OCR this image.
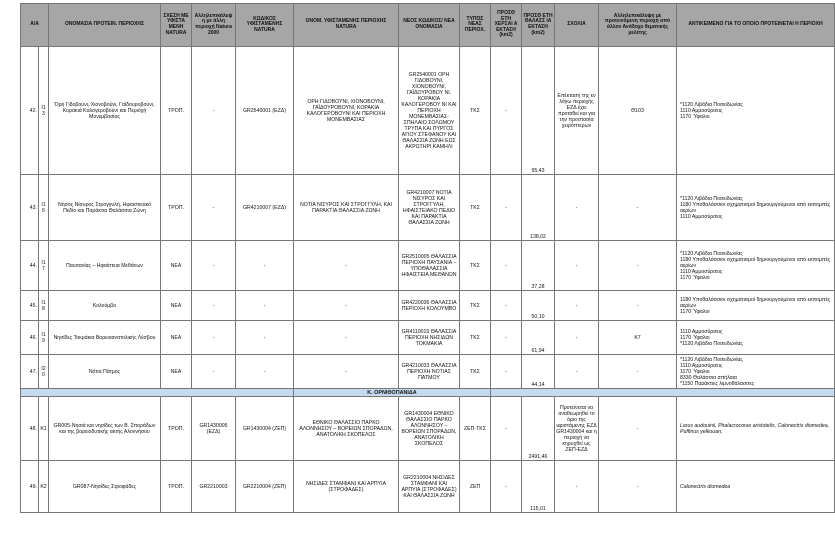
Α/Α		ΟΝΟΜΑΣΙΑ ΠΡΟΤΕΙΝ. ΠΕΡΙΟΧΗΣ	ΣΧΕΣΗ ΜΕ ΥΦΙΣΤΑ ΜΕΝΗ NATURA	Αλληλεπικάλυψ η με άλλη περιοχή Natura 2000	ΚΩΔΙΚΟΣ ΥΦΙΣΤΑΜΕΝΗΣ NATURA	ΟΝΟΜ. ΥΦΙΣΤΑΜΕΝΗΣ ΠΕΡΙΟΧΗΣ NATURA	ΝΕΟΣ ΚΩΔΙΚΟΣ/ ΝΕΑ ΟΝΟΜΑΣΙΑ	ΤΥΠΟΣ ΝΕΑΣ ΠΕΡΙΟΧ.	ΠΡΟΣΘ ΕΤΗ ΧΕΡΣΑΙ Α ΕΚΤΑΣΗ (km2)	ΠΡΟΣΘ ΕΤΗ ΘΑΛΑΣΣ ΙΑ ΕΚΤΑΣΗ (km2)	ΣΧΟΛΙΑ	Αλληλεπικάλυψη με προτεινόμενη περιοχή από άλλον Ανάδοχο θεματικής μελέτης	ΑΝΤΙΚΕΙΜΕΝΟ ΓΙΑ ΤΟ ΟΠΟΙΟ ΠΡΟΤΕΙΝΕΤΑΙ Η ΠΕΡΙΟΧΗ
42.	I13	Όρη Γιδοβούνι, Χιονοβούνι, Γαϊδουροβούνι, Κορακιά Καλογεροβούνι και Περιοχή Μονεμβασίας	ΤΡΟΠ.	-	GR2540001 (ΕΖΔ)	ΟΡΗ ΓΙΔΟΒΟΥΝΙ, ΧΙΟΝΟΒΟΥΝΙ, ΓΑΪΔΟΥΡΟΒΟΥΝΙ, ΚΟΡΑΚΙΑ ΚΑΛΟΓΕΡΟΒΟΥΝΙ ΚΑΙ ΠΕΡΙΟΧΗ ΜΟΝΕΜΒΑΣΙΑΣ	GR2540001 ΟΡΗ ΓΙΔΟΒΟΥΝΙ, ΧΙΟΝΟΒΟΥΝΙ, ΓΑΪΔΟΥΡΟΒΟΥ ΝΙ, ΚΟΡΑΚΙΑ ΚΑΛΟΓΕΡΟΒΟΥ ΝΙ ΚΑΙ ΠΕΡΙΟΧΗ ΜΟΝΕΜΒΑΣΙΑΣ- ΣΠΗΛΑΙΟ ΣΟΛΩΜΟΥ ΤΡΥΠΑ ΚΑΙ ΠΥΡΓΟΣ ΑΓΙΟΥ ΣΤΕΦΑΝΟΥ ΚΑΙ ΘΑΛΑΣΣΙΑ ΖΩΝΗ ΕΩΣ ΑΚΡΩΤΗΡΙ ΚΑΜΗΛΙ	ΤΚΣ	-	95,43	Επέκταση της εν λόγω περιοχής ΕΖΔ έχει προταθεί και για την προστασία χειρόπτερων	Θ103	*1120 Λιβάδια Ποσειδωνίας
1110 Αμμοσύρσεις
1170 Ύφαλοι
43.	I15	Νήσος Νίσυρος Στρογγυλή, Ηφαιστειακό Πεδίο και Παράκτια Θαλάσσια Ζώνη	ΤΡΟΠ.	-	GR4210007 (ΕΖΔ)	ΝΟΤΙΑ ΝΙΣΥΡΟΣ ΚΑΙ ΣΤΡΟΓΓΥΛΗ, ΚΑΙ ΠΑΡΑΚΤΙΑ ΘΑΛΑΣΣΙΑ ΖΩΝΗ	GR4210007 ΝΟΤΙΑ ΝΙΣΥΡΟΣ ΚΑΙ ΣΤΡΟΓΓΥΛΗ, ΗΦΑΙΣΤΕΙΑΚΟ ΠΕΔΙΟ ΚΑΙ ΠΑΡΑΚΤΙΑ ΘΑΛΑΣΣΙΑ ΖΩΝΗ	ΤΚΣ	-	138,02	-	-	*1120 Λιβάδια Ποσειδωνίας
1180 Υποθαλάσσιοι σχηματισμοί δημιουργούμενοι από εκπομπές αερίων
1110 Αμμοσύρσεις
44.	I17	Παυσανίας – Ηφαίστεια Μεθάνων	ΝΕΑ	-	-	-	GR2510005 ΘΑΛΑΣΣΙΑ ΠΕΡΙΟΧΗ ΠΑΥΣΑΝΙΑ – ΥΠΟΘΑΛΑΣΣΙΑ ΗΦΑΙΣΤΕΙΑ ΜΕΘΑΝΩΝ	ΤΚΣ	-	37,28	-	-	*1120 Λιβάδια Ποσειδωνίας
1180 Υποθαλάσσιοι σχηματισμοί δημιουργούμενοι από εκπομπές αερίων
1110 Αμμοσύρσεις
1170 Ύφαλοι
45.	I18	Κολούμβο	ΝΕΑ	-	-	-	GR4220036 ΘΑΛΑΣΣΙΑ ΠΕΡΙΟΧΗ ΚΟΛΟΥΜΒΟ	ΤΚΣ	-	50,10	-	-	1180 Υποθαλάσσιοι σχηματισμοί δημιουργούμενοι από εκπομπές αερίων
1170 Ύφαλοι
46.	I19	Νησίδες Τοκμάκια Βορειοανατολικής Λέσβου	ΝΕΑ	-	-	-	GR4110015 ΘΑΛΑΣΣΙΑ ΠΕΡΙΟΧΗ ΝΗΣΙΔΩΝ ΤΟΚΜΑΚΙΑ	ΤΚΣ	-	61,94	-	Κ7	1110 Αμμοσύρσεις
1170 Ύφαλοι
*1120 Λιβάδια Ποσειδωνίας
47.	I20	Νότια Πάτμος	ΝΕΑ	-	-	-	GR4210033 ΘΑΛΑΣΣΙΑ ΠΕΡΙΟΧΗ ΝΟΤΙΑΣ ΠΑΤΜΟΥ	ΤΚΣ	-	44,14	-	-	*1120 Λιβάδια Ποσειδωνίας
1110 Αμμοσύρσεις
1170 Ύφαλοι
8330 Θαλάσσια σπήλαια
*1150 Παράκτιες λιμνοθάλασσες
						Κ. ΟΡΝΙΘΟΠΑΝΙΔΑ							
48.	K1	GR005-Νησιά και νησίδες των Β. Σποράδων και της βορειοδυτικής ακτής Αλοννήσου	ΤΡΟΠ.	GR1430005 (ΕΖΔ)	GR1430004 (ΖΕΠ)	ΕΘΝΙΚΟ ΘΑΛΑΣΣΙΟ ΠΑΡΚΟ ΑΛΟΝΝΗΣΟΥ – ΒΟΡΕΙΩΝ ΣΠΟΡΑΔΩΝ, ΑΝΑΤΟΛΙΚΗ ΣΚΟΠΕΛΟΣ	GR1430004 ΕΘΝΙΚΟ ΘΑΛΑΣΣΙΟ ΠΑΡΚΟ ΑΛΟΝΝΗΣΟΥ – ΒΟΡΕΙΩΝ ΣΠΟΡΑΔΩΝ, ΑΝΑΤΟΛΙΚΗ ΣΚΟΠΕΛΟΣ	ΖΕΠ-ΤΚΣ	-	2491,46	Προτείνεται να αναθεωρηθεί το όριο της υφιστάμενης ΕΖΔ GR1430004 και η περιοχή να κηρυχθεί ως ΖΕΠ-ΕΖΔ	-	Larus audouinii, Phalacrocorax aristotelis, Calonectris diomedea, Puffinus yelkouan,
49.	K2	GR087-Νησίδες Στροφάδες	ΤΡΟΠ.	GR2210003	GR2210004 (ΖΕΠ)	ΝΗΣΙΔΕΣ ΣΤΑΜΦΑΝΙ ΚΑΙ ΑΡΠΥΙΑ (ΣΤΡΟΦΑΔΕΣ)	GR2210004 ΝΗΣΙΔΕΣ ΣΤΑΜΦΑΝΙ ΚΑΙ ΑΡΠΥΙΑ (ΣΤΡΟΦΑΔΕΣ) ΚΑΙ ΘΑΛΑΣΣΙΑ ΖΩΝΗ	ΖΕΠ	-	115,01	-	-	Calonectris diomedea
